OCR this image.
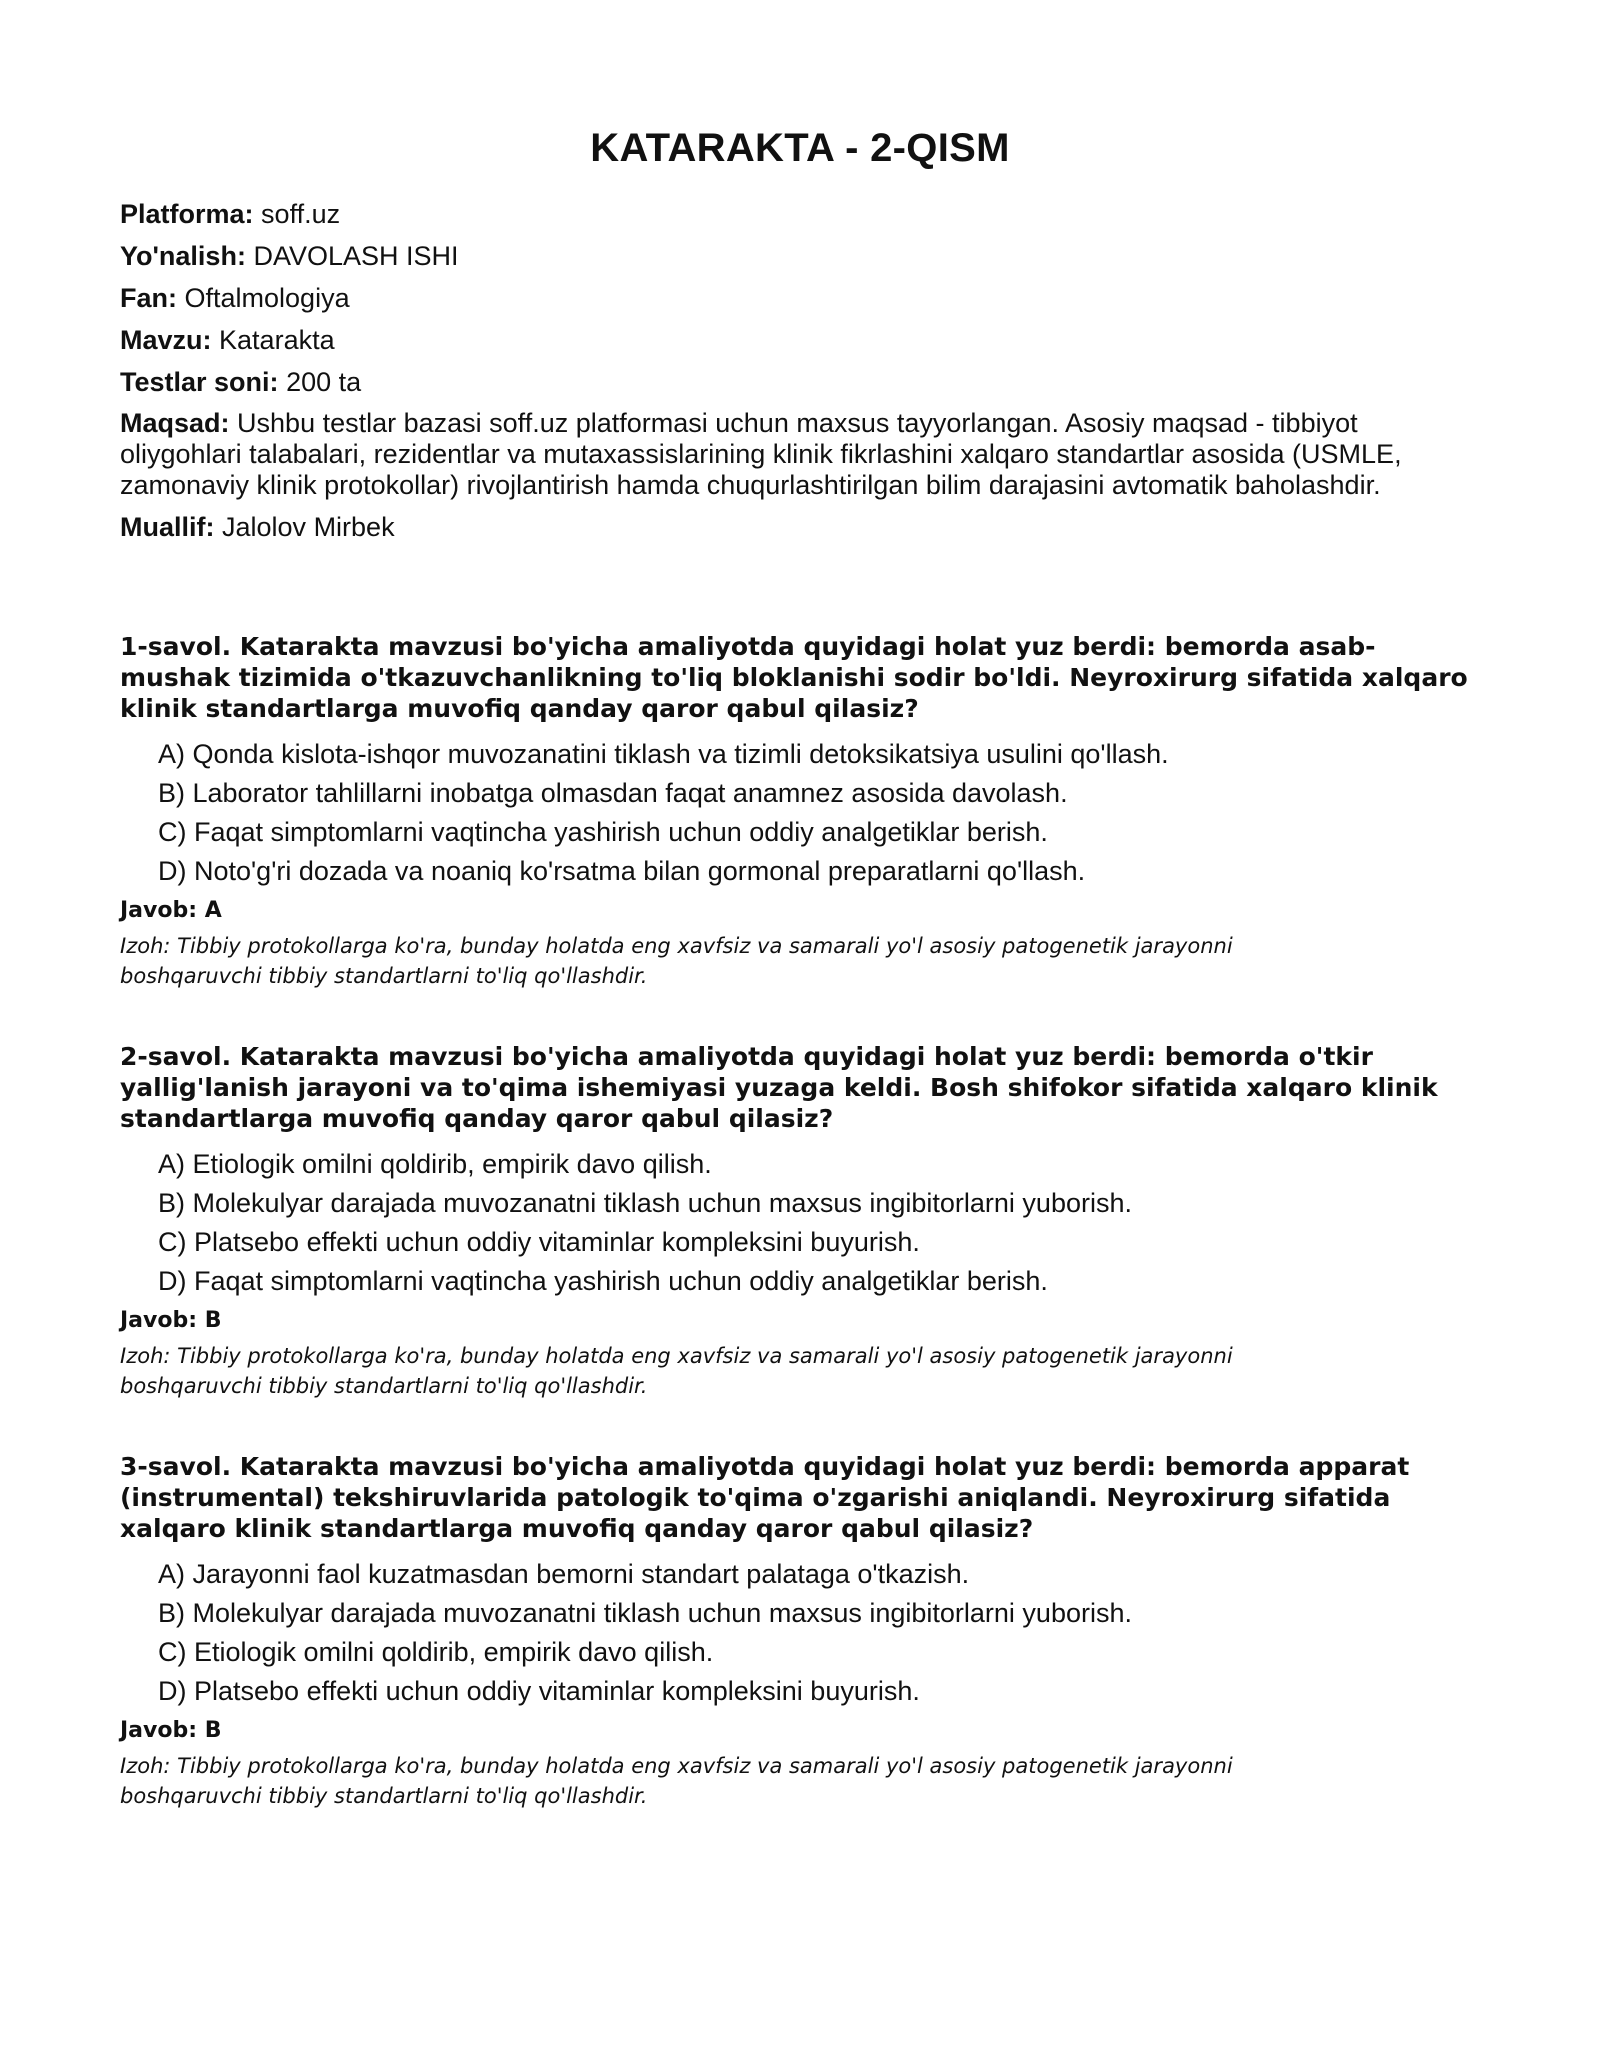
KATARAKTA - 2-QISM
Platforma: soff.uz
Yo'nalish: DAVOLASH ISHI
Fan: Oftalmologiya
Mavzu: Katarakta
Testlar soni: 200 ta
Maqsad: Ushbu testlar bazasi soff.uz platformasi uchun maxsus tayyorlangan. Asosiy maqsad - tibbiyot oliygohlari talabalari, rezidentlar va mutaxassislarining klinik fikrlashini xalqaro standartlar asosida (USMLE, zamonaviy klinik protokollar) rivojlantirish hamda chuqurlashtirilgan bilim darajasini avtomatik baholashdir.
Muallif: Jalolov Mirbek

1-savol. Katarakta mavzusi bo'yicha amaliyotda quyidagi holat yuz berdi: bemorda asab-mushak tizimida o'tkazuvchanlikning to'liq bloklanishi sodir bo'ldi. Neyroxirurg sifatida xalqaro klinik standartlarga muvofiq qanday qaror qabul qilasiz?

A) Qonda kislota-ishqor muvozanatini tiklash va tizimli detoksikatsiya usulini qo'llash.
B) Laborator tahlillarni inobatga olmasdan faqat anamnez asosida davolash.
C) Faqat simptomlarni vaqtincha yashirish uchun oddiy analgetiklar berish.
D) Noto'g'ri dozada va noaniq ko'rsatma bilan gormonal preparatlarni qo'llash.
Javob: A
Izoh: Tibbiy protokollarga ko'ra, bunday holatda eng xavfsiz va samarali yo'l asosiy patogenetik jarayonni boshqaruvchi tibbiy standartlarni to'liq qo'llashdir.

2-savol. Katarakta mavzusi bo'yicha amaliyotda quyidagi holat yuz berdi: bemorda o'tkir yallig'lanish jarayoni va to'qima ishemiyasi yuzaga keldi. Bosh shifokor sifatida xalqaro klinik standartlarga muvofiq qanday qaror qabul qilasiz?

A) Etiologik omilni qoldirib, empirik davo qilish.
B) Molekulyar darajada muvozanatni tiklash uchun maxsus ingibitorlarni yuborish.
C) Platsebo effekti uchun oddiy vitaminlar kompleksini buyurish.
D) Faqat simptomlarni vaqtincha yashirish uchun oddiy analgetiklar berish.
Javob: B
Izoh: Tibbiy protokollarga ko'ra, bunday holatda eng xavfsiz va samarali yo'l asosiy patogenetik jarayonni boshqaruvchi tibbiy standartlarni to'liq qo'llashdir.

3-savol. Katarakta mavzusi bo'yicha amaliyotda quyidagi holat yuz berdi: bemorda apparat (instrumental) tekshiruvlarida patologik to'qima o'zgarishi aniqlandi. Neyroxirurg sifatida xalqaro klinik standartlarga muvofiq qanday qaror qabul qilasiz?

A) Jarayonni faol kuzatmasdan bemorni standart palataga o'tkazish.
B) Molekulyar darajada muvozanatni tiklash uchun maxsus ingibitorlarni yuborish.
C) Etiologik omilni qoldirib, empirik davo qilish.
D) Platsebo effekti uchun oddiy vitaminlar kompleksini buyurish.
Javob: B
Izoh: Tibbiy protokollarga ko'ra, bunday holatda eng xavfsiz va samarali yo'l asosiy patogenetik jarayonni boshqaruvchi tibbiy standartlarni to'liq qo'llashdir.
